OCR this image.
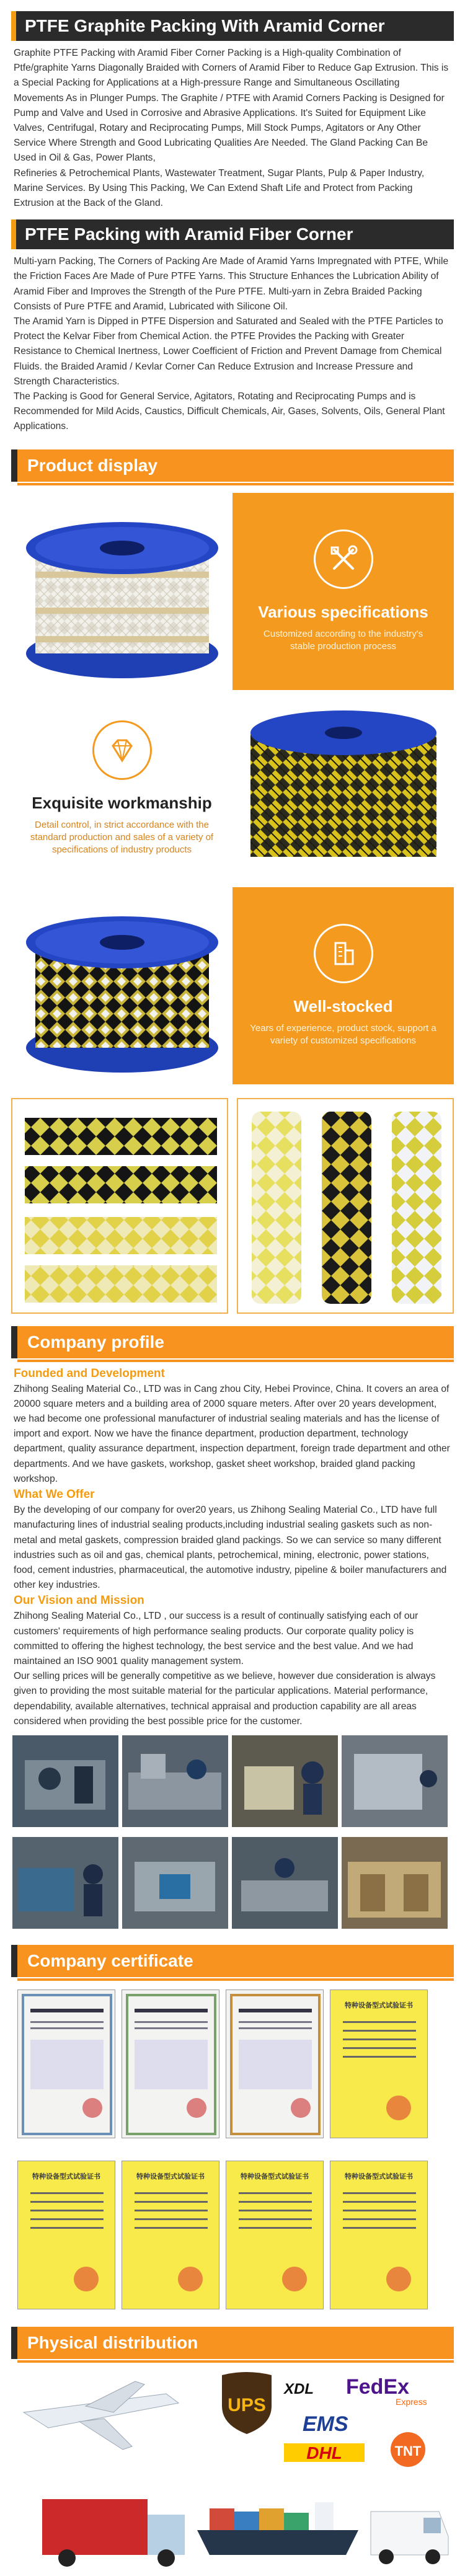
PTFE Graphite Packing With Aramid Corner

Graphite PTFE Packing with Aramid Fiber Corner Packing is a High-quality Combination of Ptfe/graphite Yarns Diagonally Braided with Corners of Aramid Fiber to Reduce Gap Extrusion. This is a Special Packing for Applications at a High-pressure Range and Simultaneous Oscillating Movements As in Plunger Pumps. The Graphite / PTFE with Aramid Corners Packing is Designed for Pump and Valve and Used in Corrosive and Abrasive Applications. It's Suited for Equipment Like Valves, Centrifugal, Rotary and Reciprocating Pumps, Mill Stock Pumps, Agitators or Any Other Service Where Strength and Good Lubricating Qualities Are Needed. The Gland Packing Can Be Used in Oil & Gas, Power Plants,

Refineries & Petrochemical Plants, Wastewater Treatment, Sugar Plants, Pulp & Paper Industry, Marine Services. By Using This Packing, We Can Extend Shaft Life and Protect from Packing Extrusion at the Back of the Gland.

PTFE Packing with Aramid Fiber Corner

Multi-yarn Packing, The Corners of Packing Are Made of Aramid Yarns Impregnated with PTFE, While the Friction Faces Are Made of Pure PTFE Yarns. This Structure Enhances the Lubrication Ability of Aramid Fiber and Improves the Strength of the Pure PTFE. Multi-yarn in Zebra Braided Packing Consists of Pure PTFE and Aramid, Lubricated with Silicone Oil.

The Aramid Yarn is Dipped in PTFE Dispersion and Saturated and Sealed with the PTFE Particles to Protect the Kelvar Fiber from Chemical Action. the PTFE Provides the Packing with Greater Resistance to Chemical Inertness, Lower Coefficient of Friction and Prevent Damage from Chemical Fluids. the Braided Aramid / Kevlar Corner Can Reduce Extrusion and Increase Pressure and Strength Characteristics.

The Packing is Good for General Service, Agitators, Rotating and Reciprocating Pumps and is Recommended for Mild Acids, Caustics, Difficult Chemicals, Air, Gases, Solvents, Oils, General Plant Applications.

Product display
Various specifications
Customized according to the industry's stable production process
Exquisite workmanship
Detail control, in strict accordance with the standard production and sales of a variety of specifications of industry products
Well-stocked
Years of experience, product stock, support a variety of customized specifications
Company profile
Founded and Development
Zhihong Sealing Material Co., LTD was in Cang zhou City, Hebei Province, China. It covers an area of 20000 square meters and a building area of 2000 square meters. After over 20 years development, we had become one professional manufacturer of industrial sealing materials and has the license of import and export. Now we have the finance department, production department, technology department, quality assurance department, inspection department, foreign trade department and other departments. And we have gaskets, workshop, gasket sheet workshop, braided gland packing workshop.
What We Offer
By the developing of our company for over20 years, us Zhihong Sealing Material Co., LTD have full manufacturing lines of industrial sealing products,including industrial sealing gaskets such as non-metal and metal gaskets, compression braided gland packings. So we can service so many different industries such as oil and gas, chemical plants, petrochemical, mining, electronic, power stations, food, cement industries, pharmaceutical, the automotive industry, pipeline & boiler manufacturers and other key industries.
Our Vision and Mission
Zhihong Sealing Material Co., LTD , our success is a result of continually satisfying each of our customers' requirements of high performance sealing products. Our corporate quality policy is committed to offering the highest technology, the best service and the best value. And we had maintained an ISO 9001 quality management system.
Our selling prices will be generally competitive as we believe, however due consideration is always given to providing the most suitable material for the particular applications. Material performance, dependability, available alternatives, technical appraisal and production capability are all areas considered when providing the best possible price for the customer.
Company certificate
特种设备型式试验证书
特种设备型式试验证书	特种设备型式试验证书	特种设备型式试验证书	特种设备型式试验证书
Physical distribution
UPS
XDL FedEx
Express
EMS
DHL	TNT
